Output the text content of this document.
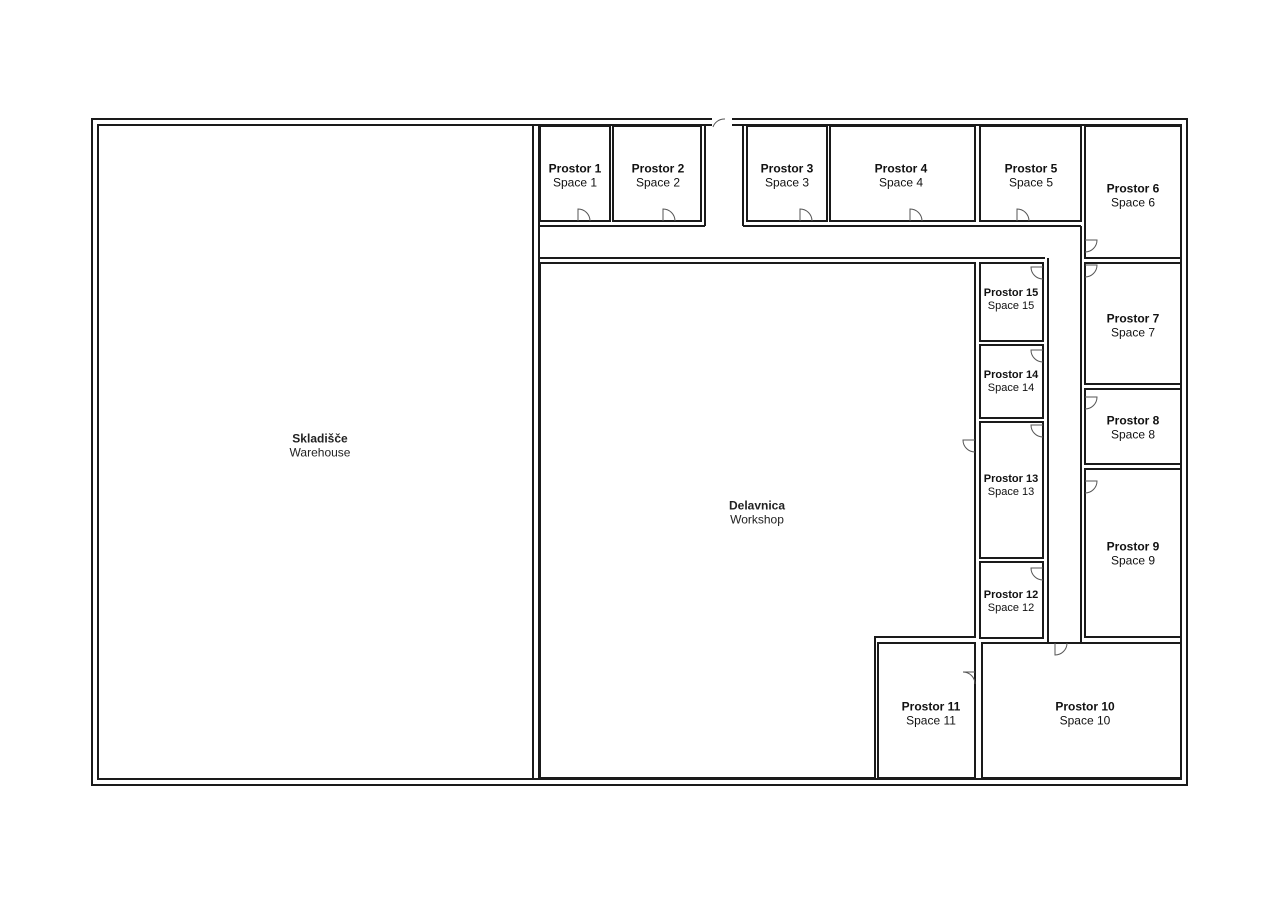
Skladišče
Warehouse
Delavnica
Workshop
Prostor 1
Space 1
Prostor 2
Space 2
Prostor 3
Space 3
Prostor 4
Space 4
Prostor 5
Space 5	Prostor 6
Space 6
Prostor 7
Space 7
Prostor 8
Space 8
Prostor 9
Space 9
Prostor 10
Space 10
Prostor 11
Space 11
Prostor 12
Space 12
Prostor 13
Space 13
Prostor 14
Space 14
Prostor 15
Space 15
